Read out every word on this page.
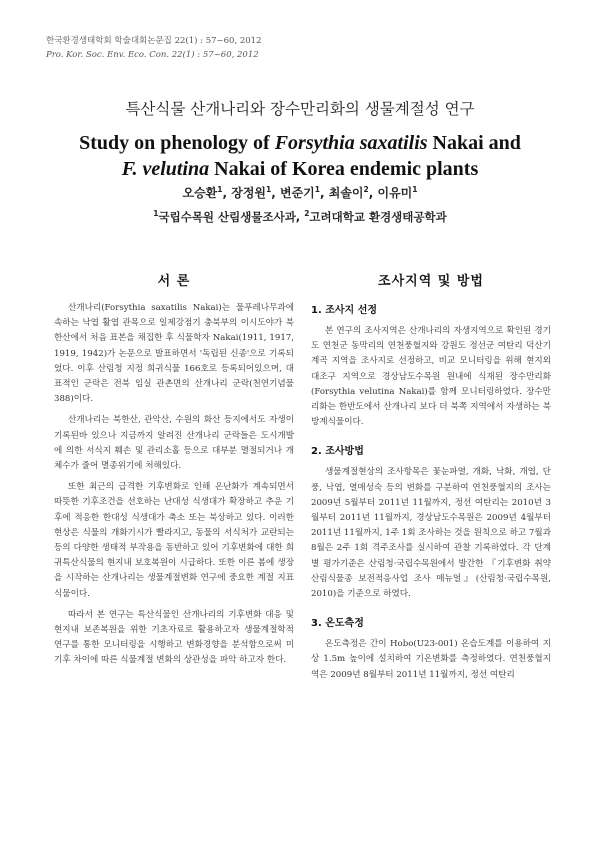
한국환경생태학회 학술대회논문집 22(1) : 57~60, 2012
Pro. Kor. Soc. Env. Eco. Con. 22(1) : 57~60, 2012
특산식물 산개나리와 장수만리화의 생물계절성 연구
Study on phenology of Forsythia saxatilis Nakai and
F. velutina Nakai of Korea endemic plants
오승환$^1$, 장정원$^1$, 변준기$^1$, 최솔이$^2$, 이유미$^1$
$^1$국립수목원 산림생물조사과, $^2$고려대학교 환경생태공학과
서 론

산개나리(Forsythia saxatilis Nakai)는 물푸레나무과에 속하는 낙엽 활엽 관목으로 일제강점기 충북부의 이시도야가 북한산에서 처음 표본을 채집한 후 식물학자 Nakai(1911, 1917, 1919, 1942)가 논문으로 발표하면서 '독립된 신종'으로 기록되었다. 이후 산림청 지정 희귀식물 166호로 등록되어있으며, 대표적인 군락은 전북 임실 관촌면의 산개나리 군락(천연기념물 388)이다.

산개나리는 북한산, 관악산, 수원의 화산 등지에서도 자생이 기록된바 있으나 지금까지 알려진 산개나리 군락들은 도시개발에 의한 서식지 훼손 및 관리소홀 등으로 대부분 멸절되거나 개체수가 줄어 멸종위기에 처해있다.

또한 최근의 급격한 기후변화로 인해 온난화가 계속되면서 따뜻한 기후조건을 선호하는 난대성 식생대가 확장하고 추운 기후에 적응한 한대성 식생대가 축소 또는 북상하고 있다. 이러한 현상은 식물의 개화기시가 빨라지고, 동물의 서식처가 교란되는 등의 다양한 생태적 부작용을 동반하고 있어 기후변화에 대한 희귀특산식물의 현지내 보호복원이 시급하다. 또한 이른 봄에 생장을 시작하는 산개나리는 생물계절변화 연구에 중요한 계절 지표식물이다.

따라서 본 연구는 특산식물인 산개나리의 기후변화 대응 및 현지내 보존복원을 위한 기초자료로 활용하고자 생물계절학적 연구를 통한 모니터링을 시행하고 변화경향을 분석함으로써 미기후 차이에 따른 식물계절 변화의 상관성을 파악 하고자 한다.

조사지역 및 방법
1. 조사지 선정

본 연구의 조사지역은 산개나리의 자생지역으로 확인된 경기도 연천군 동막리의 연천풍혈지와 강원도 정선군 여탄리 덕산기계곡 지역을 조사지로 선정하고, 비교 모니터링을 위해 현지외 대조구 지역으로 경상남도수목원 원내에 식재된 장수만리화(Forsythia velutina Nakai)를 함께 모니터링하였다. 장수만리화는 한반도에서 산개나리 보다 더 북쪽 지역에서 자생하는 북방계식물이다.

2. 조사방법

생물계절현상의 조사항목은 꽃눈파열, 개화, 낙화, 개엽, 단풍, 낙엽, 열매성숙 등의 변화를 구분하여 연천풍혈지의 조사는 2009년 5월부터 2011년 11월까지, 정선 여탄리는 2010년 3월부터 2011년 11월까지, 경상남도수목원은 2009년 4월부터 2011년 11월까지, 1주 1회 조사하는 것을 원칙으로 하고 7월과 8월은 2주 1회 격주조사를 실시하여 관찰 기록하였다. 각 단계별 평가기준은 산림청·국립수목원에서 발간한 『기후변화 취약 산림식물종 보전적응사업 조사 매뉴얼』(산림청·국립수목원, 2010)을 기준으로 하였다.

3. 온도측정

온도측정은 간이 Hobo(U23-001) 온습도계를 이용하여 지상 1.5m 높이에 설치하여 기온변화를 측정하였다. 연천풍혈지역은 2009년 8월부터 2011년 11월까지, 정선 여탄리
